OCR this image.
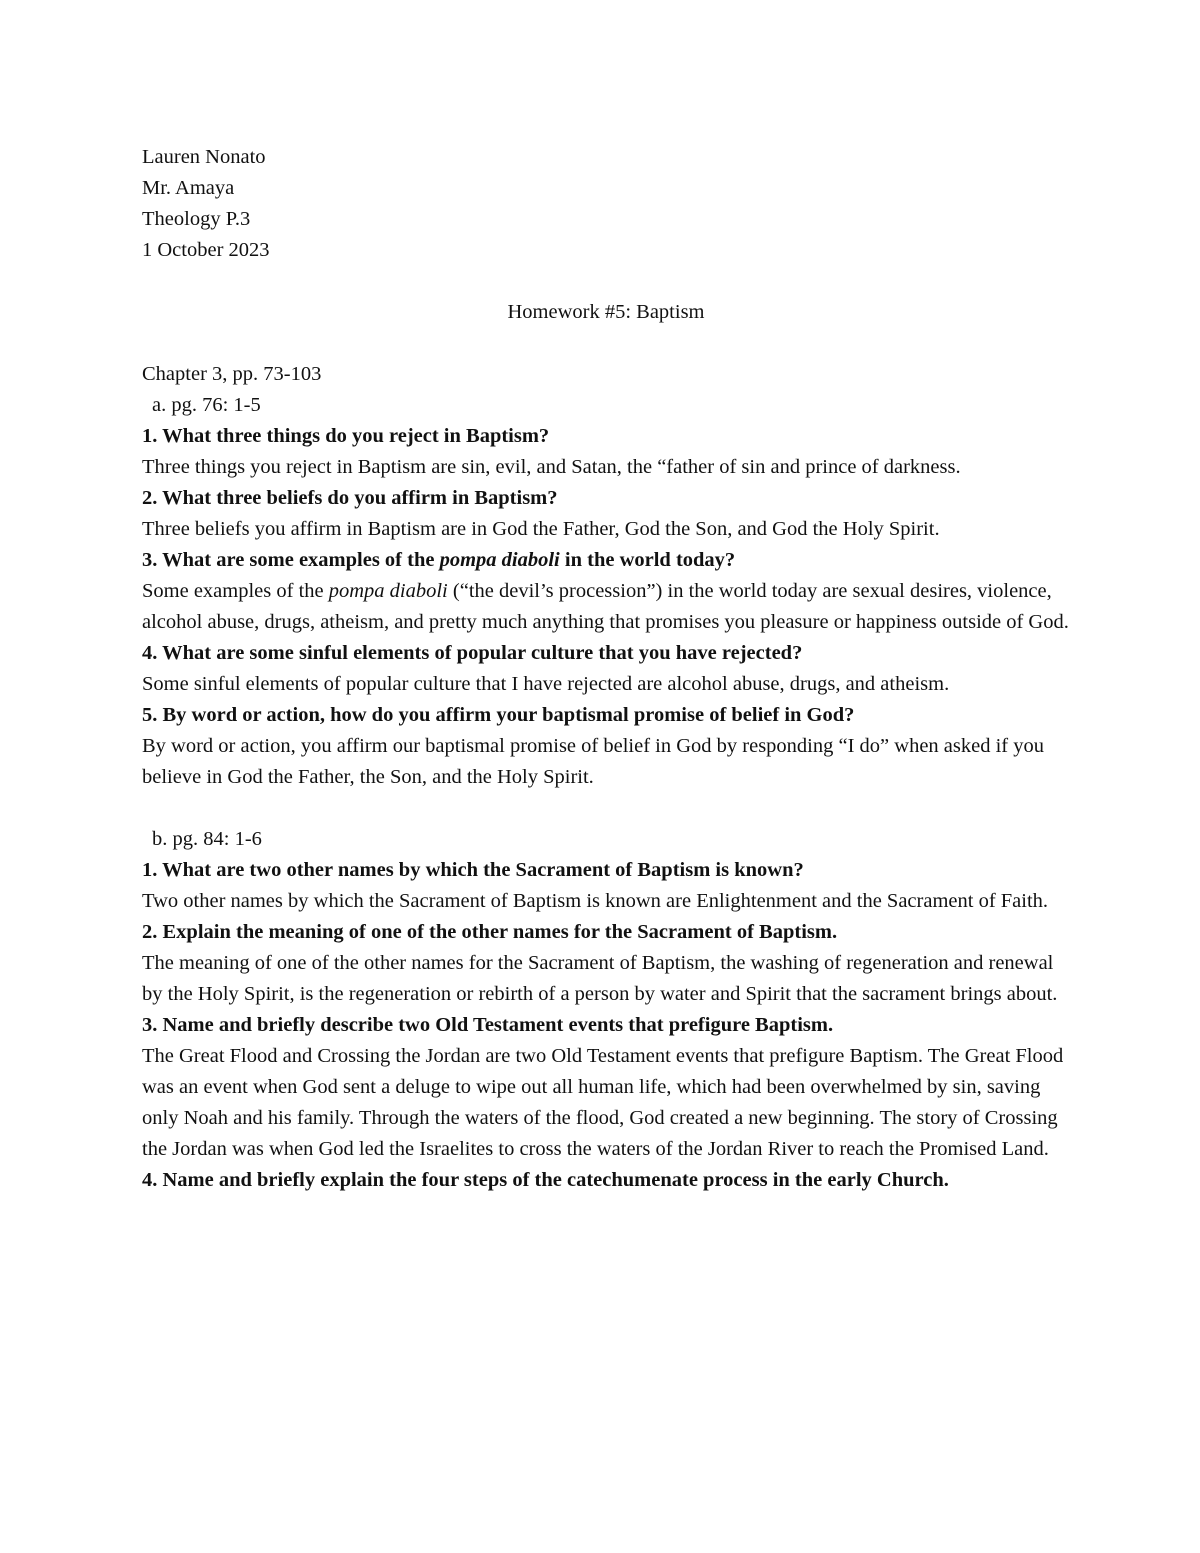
Lauren Nonato

Mr. Amaya

Theology P.3

1 October 2023

Homework #5: Baptism

Chapter 3, pp. 73-103

a. pg. 76: 1-5

1. What three things do you reject in Baptism?

Three things you reject in Baptism are sin, evil, and Satan, the “father of sin and prince of darkness.

2. What three beliefs do you affirm in Baptism?

Three beliefs you affirm in Baptism are in God the Father, God the Son, and God the Holy Spirit.

3. What are some examples of the pompa diaboli in the world today?

Some examples of the pompa diaboli (“the devil’s procession”) in the world today are sexual desires, violence, alcohol abuse, drugs, atheism, and pretty much anything that promises you pleasure or happiness outside of God.

4. What are some sinful elements of popular culture that you have rejected?

Some sinful elements of popular culture that I have rejected are alcohol abuse, drugs, and atheism.

5. By word or action, how do you affirm your baptismal promise of belief in God?

By word or action, you affirm our baptismal promise of belief in God by responding “I do” when asked if you believe in God the Father, the Son, and the Holy Spirit.

b. pg. 84: 1-6

1. What are two other names by which the Sacrament of Baptism is known?

Two other names by which the Sacrament of Baptism is known are Enlightenment and the Sacrament of Faith.

2. Explain the meaning of one of the other names for the Sacrament of Baptism.

The meaning of one of the other names for the Sacrament of Baptism, the washing of regeneration and renewal by the Holy Spirit, is the regeneration or rebirth of a person by water and Spirit that the sacrament brings about.

3. Name and briefly describe two Old Testament events that prefigure Baptism.

The Great Flood and Crossing the Jordan are two Old Testament events that prefigure Baptism. The Great Flood was an event when God sent a deluge to wipe out all human life, which had been overwhelmed by sin, saving only Noah and his family. Through the waters of the flood, God created a new beginning. The story of Crossing the Jordan was when God led the Israelites to cross the waters of the Jordan River to reach the Promised Land.

4. Name and briefly explain the four steps of the catechumenate process in the early Church.
